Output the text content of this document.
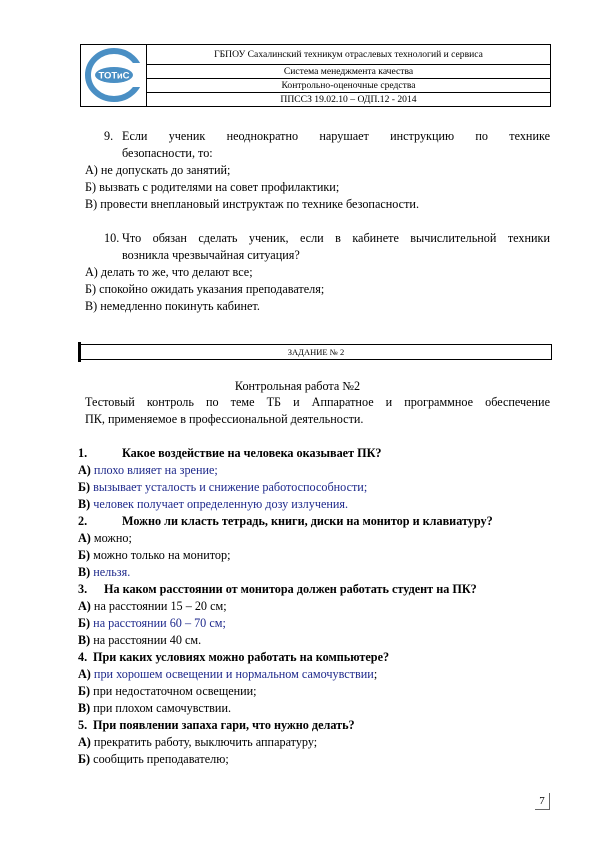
ТОТиС
ГБПОУ Сахалинский техникум отраслевых технологий и сервиса
Система менеджмента качества
Контрольно-оценочные средства
ППССЗ 19.02.10 – ОДП.12 - 2014
9. Если ученик неоднократно нарушает инструкцию по технике
безопасности, то:
А) не допускать до занятий;
Б) вызвать с родителями на совет профилактики;
В) провести внеплановый инструктаж по технике безопасности.
10. Что обязан сделать ученик, если в кабинете вычислительной техники
возникла чрезвычайная ситуация?
А) делать то же, что делают все;
Б) спокойно ожидать указания преподавателя;
В) немедленно покинуть кабинет.
ЗАДАНИЕ № 2
Контрольная работа №2
Тестовый контроль по теме ТБ и Аппаратное и программное обеспечение
ПК, применяемое в профессиональной деятельности.
1.	Какое воздействие на человека оказывает ПК?
А) плохо влияет на зрение;
Б) вызывает усталость и снижение работоспособности;
В) человек получает определенную дозу излучения.
2.	Можно ли класть тетрадь, книги, диски на монитор и клавиатуру?
А) можно;
Б) можно только на монитор;
В) нельзя.
3. На каком расстоянии от монитора должен работать студент на ПК?
А) на расстоянии 15 – 20 см;
Б) на расстоянии 60 – 70 см;
В) на расстоянии 40 см.
4. При каких условиях можно работать на компьютере?
А) при хорошем освещении и нормальном самочувствии;
Б) при недостаточном освещении;
В) при плохом самочувствии.
5. При появлении запаха гари, что нужно делать?
А) прекратить работу, выключить аппаратуру;
Б) сообщить преподавателю;
7
